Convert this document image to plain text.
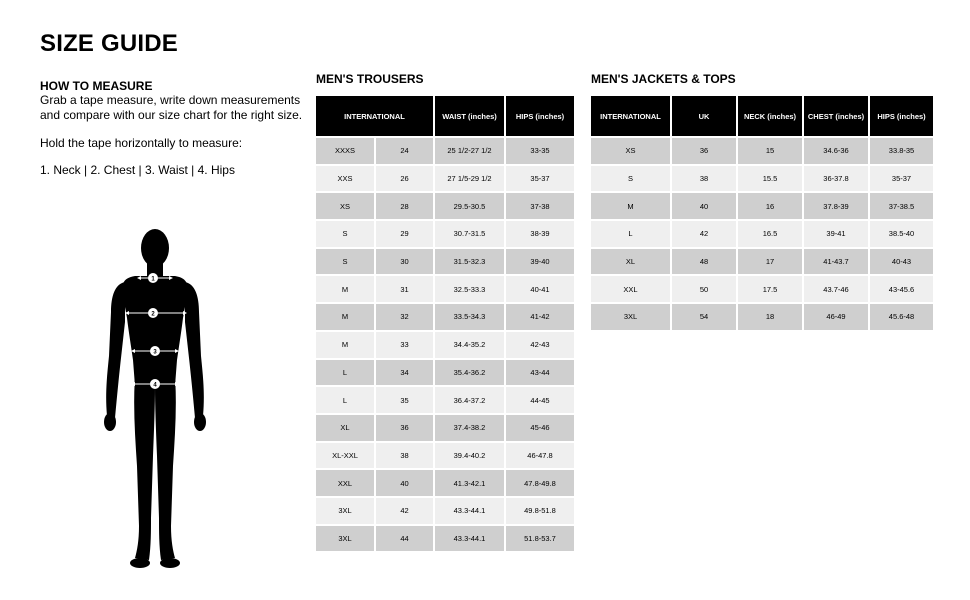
SIZE GUIDE
HOW TO MEASURE
Grab a tape measure, write down measurements and compare with our size chart for the right size.
Hold the tape horizontally to measure:
1. Neck | 2. Chest | 3. Waist | 4. Hips
1
2
3
4
MEN'S TROUSERS
INTERNATIONAL	WAIST (inches)	HIPS (inches)
XXXS	24	25 1/2-27 1/2	33-35
XXS	26	27 1/5-29 1/2	35-37
XS	28	29.5-30.5	37-38
S	29	30.7-31.5	38-39
S	30	31.5-32.3	39-40
M	31	32.5-33.3	40-41
M	32	33.5-34.3	41-42
M	33	34.4-35.2	42-43
L	34	35.4-36.2	43-44
L	35	36.4-37.2	44-45
XL	36	37.4-38.2	45-46
XL-XXL	38	39.4-40.2	46-47.8
XXL	40	41.3-42.1	47.8-49.8
3XL	42	43.3-44.1	49.8-51.8
3XL	44	43.3-44.1	51.8-53.7
MEN'S JACKETS & TOPS
INTERNATIONAL	UK	NECK (inches)	CHEST (inches)	HIPS (inches)
XS	36	15	34.6-36	33.8-35
S	38	15.5	36-37.8	35-37
M	40	16	37.8-39	37-38.5
L	42	16.5	39-41	38.5-40
XL	48	17	41-43.7	40-43
XXL	50	17.5	43.7-46	43-45.6
3XL	54	18	46-49	45.6-48
